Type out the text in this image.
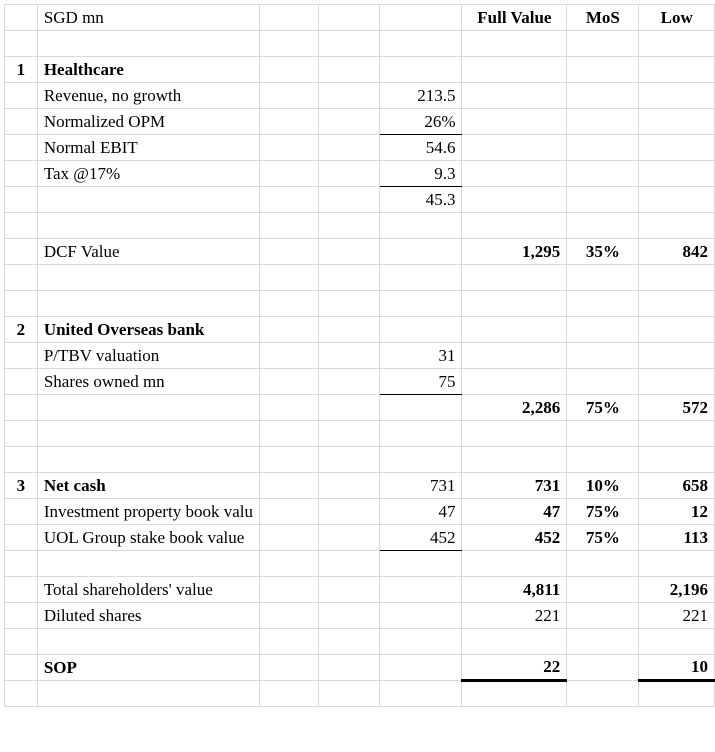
	SGD mn				Full Value	MoS	Low

1	Healthcare						
	Revenue, no growth			213.5			
	Normalized OPM			26%			
	Normal EBIT			54.6			
	Tax @17%			9.3			
				45.3			

	DCF Value				1,295	35%	842

2	United Overseas bank						
	P/TBV valuation			31			
	Shares owned mn			75			
					2,286	75%	572

3	Net cash			731	731	10%	658
	Investment property book valu			47	47	75%	12
	UOL Group stake book value			452	452	75%	113

	Total shareholders' value				4,811		2,196
	Diluted shares				221		221

	SOP				22		10
